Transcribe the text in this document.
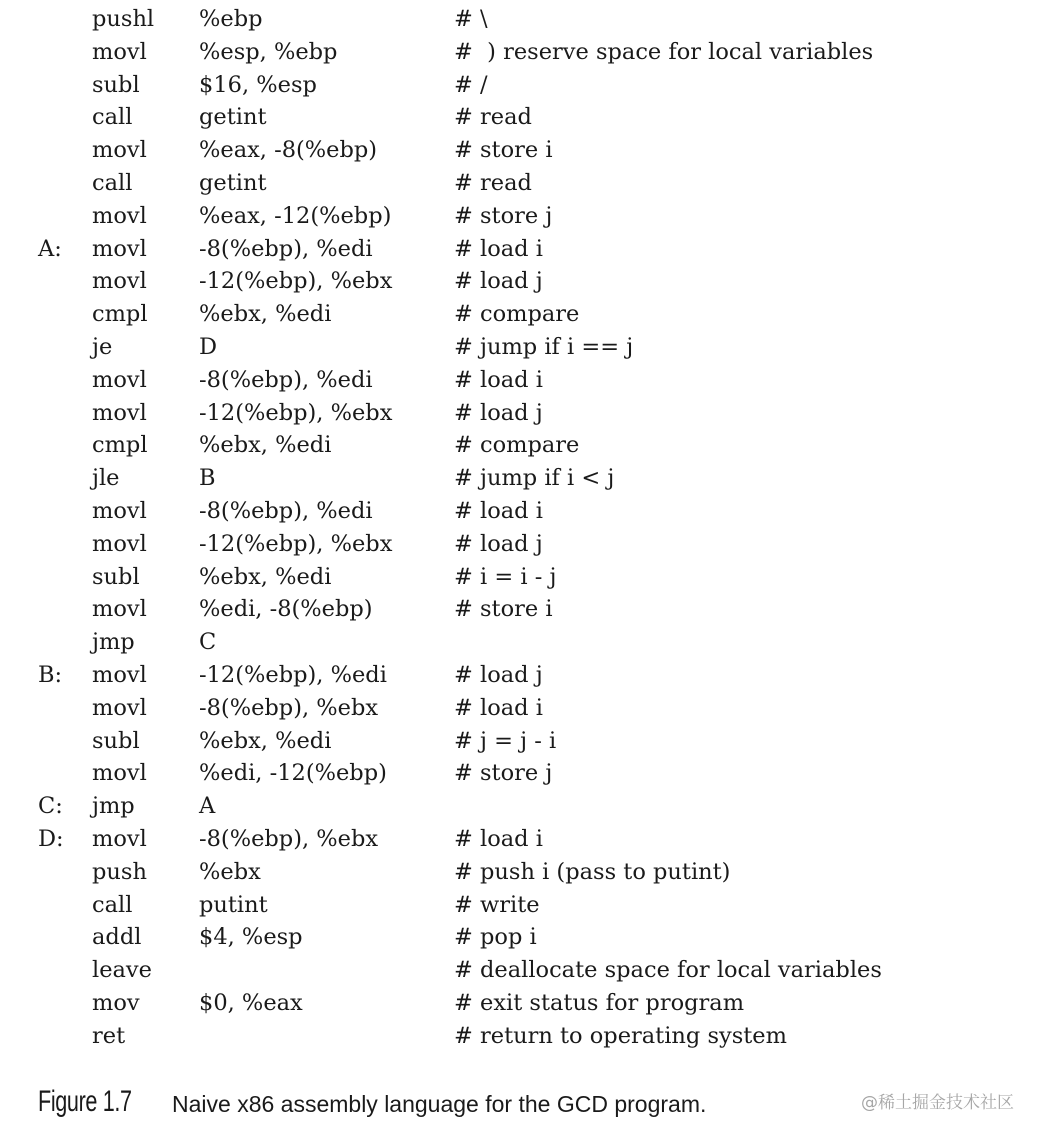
pushl %ebp	# \
movl %esp, %ebp	#  ) reserve space for local variables
subl	$16, %esp	# /
call	getint	# read
movl %eax, -8(%ebp)	# store i
call	getint	# read
movl %eax, -12(%ebp)	# store j
A: movl -8(%ebp), %edi	# load i
movl -12(%ebp), %ebx	# load j
cmpl %ebx, %edi	# compare
je	D	# jump if i == j
movl -8(%ebp), %edi	# load i
movl -12(%ebp), %ebx	# load j
cmpl %ebx, %edi	# compare
jle	B	# jump if i < j
movl -8(%ebp), %edi	# load i
movl -12(%ebp), %ebx	# load j
subl	%ebx, %edi	# i = i - j
movl %edi, -8(%ebp)	# store i
jmp	C
B: movl -12(%ebp), %edi	# load j
movl -8(%ebp), %ebx	# load i
subl	%ebx, %edi	# j = j - i
movl %edi, -12(%ebp)	# store j
C: jmp	A
D: movl -8(%ebp), %ebx	# load i
push %ebx	# push i (pass to putint)
call	putint	# write
addl	$4, %esp	# pop i
leave	# deallocate space for local variables
mov	$0, %eax	# exit status for program
ret	# return to operating system
Figure 1.7 Naive x86 assembly language for the GCD program.	@稀土掘金技术社区
